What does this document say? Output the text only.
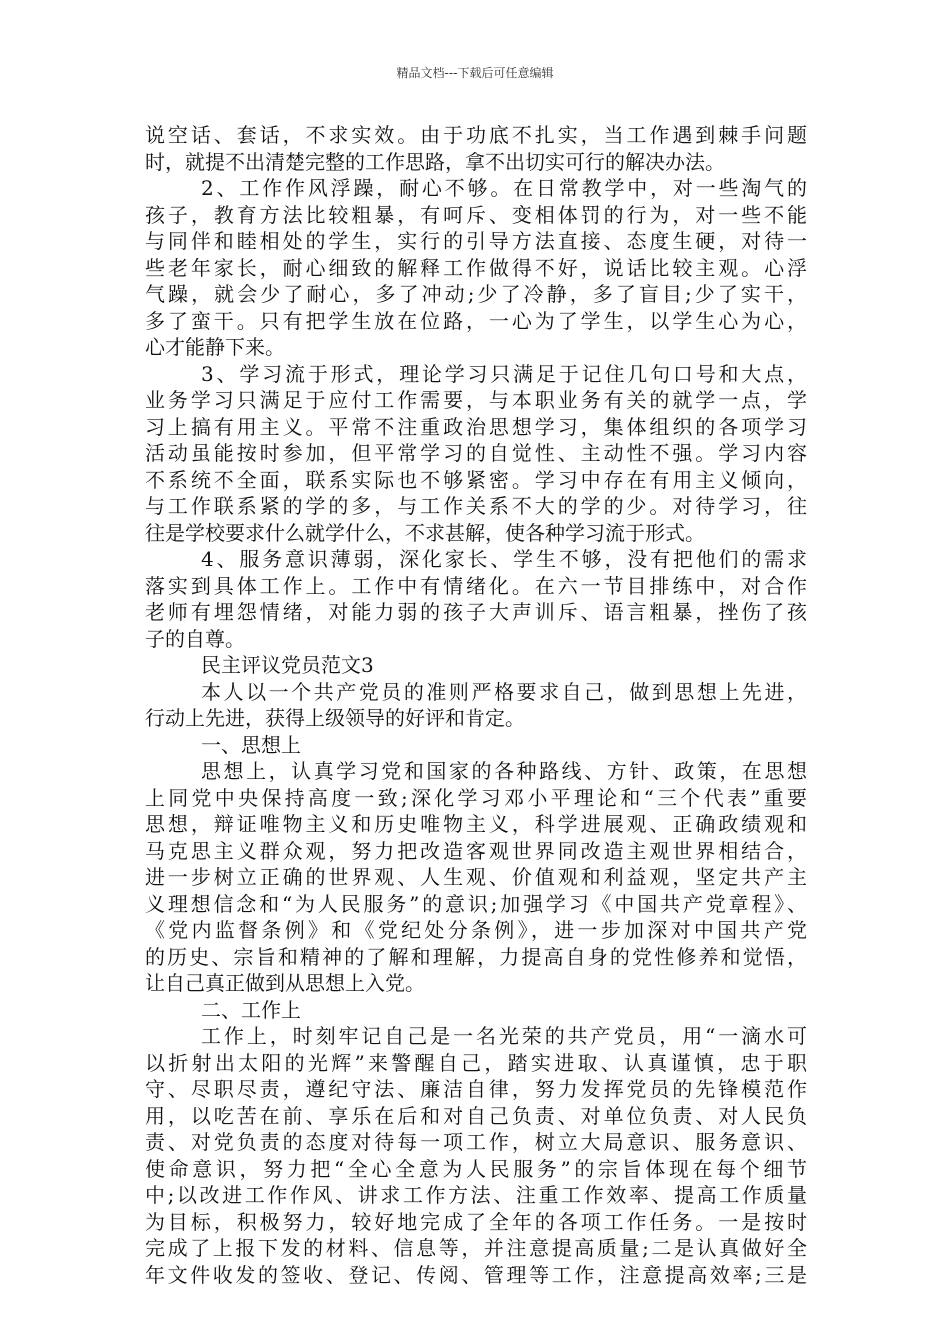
精品文档---下载后可任意编辑
说空话、套话，不求实效。由于功底不扎实，当工作遇到棘手问题
时，就提不出清楚完整的工作思路，拿不出切实可行的解决办法。
2、工作作风浮躁，耐心不够。在日常教学中，对一些淘气的
孩子，教育方法比较粗暴，有呵斥、变相体罚的行为，对一些不能
与同伴和睦相处的学生，实行的引导方法直接、态度生硬，对待一
些老年家长，耐心细致的解释工作做得不好，说话比较主观。心浮
气躁，就会少了耐心，多了冲动;少了冷静，多了盲目;少了实干，
多了蛮干。只有把学生放在位路，一心为了学生，以学生心为心，
心才能静下来。
3、学习流于形式，理论学习只满足于记住几句口号和大点，
业务学习只满足于应付工作需要，与本职业务有关的就学一点，学
习上搞有用主义。平常不注重政治思想学习，集体组织的各项学习
活动虽能按时参加，但平常学习的自觉性、主动性不强。学习内容
不系统不全面，联系实际也不够紧密。学习中存在有用主义倾向，
与工作联系紧的学的多，与工作关系不大的学的少。对待学习，往
往是学校要求什么就学什么，不求甚解，使各种学习流于形式。
4、服务意识薄弱，深化家长、学生不够，没有把他们的需求
落实到具体工作上。工作中有情绪化。在六一节目排练中，对合作
老师有埋怨情绪，对能力弱的孩子大声训斥、语言粗暴，挫伤了孩
子的自尊。
民主评议党员范文3
本人以一个共产党员的准则严格要求自己，做到思想上先进，
行动上先进，获得上级领导的好评和肯定。
一、思想上
思想上，认真学习党和国家的各种路线、方针、政策，在思想
上同党中央保持高度一致;深化学习邓小平理论和“三个代表”重要
思想，辩证唯物主义和历史唯物主义，科学进展观、正确政绩观和
马克思主义群众观，努力把改造客观世界同改造主观世界相结合，
进一步树立正确的世界观、人生观、价值观和利益观，坚定共产主
义理想信念和“为人民服务”的意识;加强学习《中国共产党章程》、
《党内监督条例》和《党纪处分条例》，进一步加深对中国共产党
的历史、宗旨和精神的了解和理解，力提高自身的党性修养和觉悟，
让自己真正做到从思想上入党。
二、工作上
工作上，时刻牢记自己是一名光荣的共产党员，用“一滴水可
以折射出太阳的光辉”来警醒自己，踏实进取、认真谨慎，忠于职
守、尽职尽责，遵纪守法、廉洁自律，努力发挥党员的先锋模范作
用，以吃苦在前、享乐在后和对自己负责、对单位负责、对人民负
责、对党负责的态度对待每一项工作，树立大局意识、服务意识、
使命意识，努力把“全心全意为人民服务”的宗旨体现在每个细节
中;以改进工作作风、讲求工作方法、注重工作效率、提高工作质量
为目标，积极努力，较好地完成了全年的各项工作任务。一是按时
完成了上报下发的材料、信息等，并注意提高质量;二是认真做好全
年文件收发的签收、登记、传阅、管理等工作，注意提高效率;三是
